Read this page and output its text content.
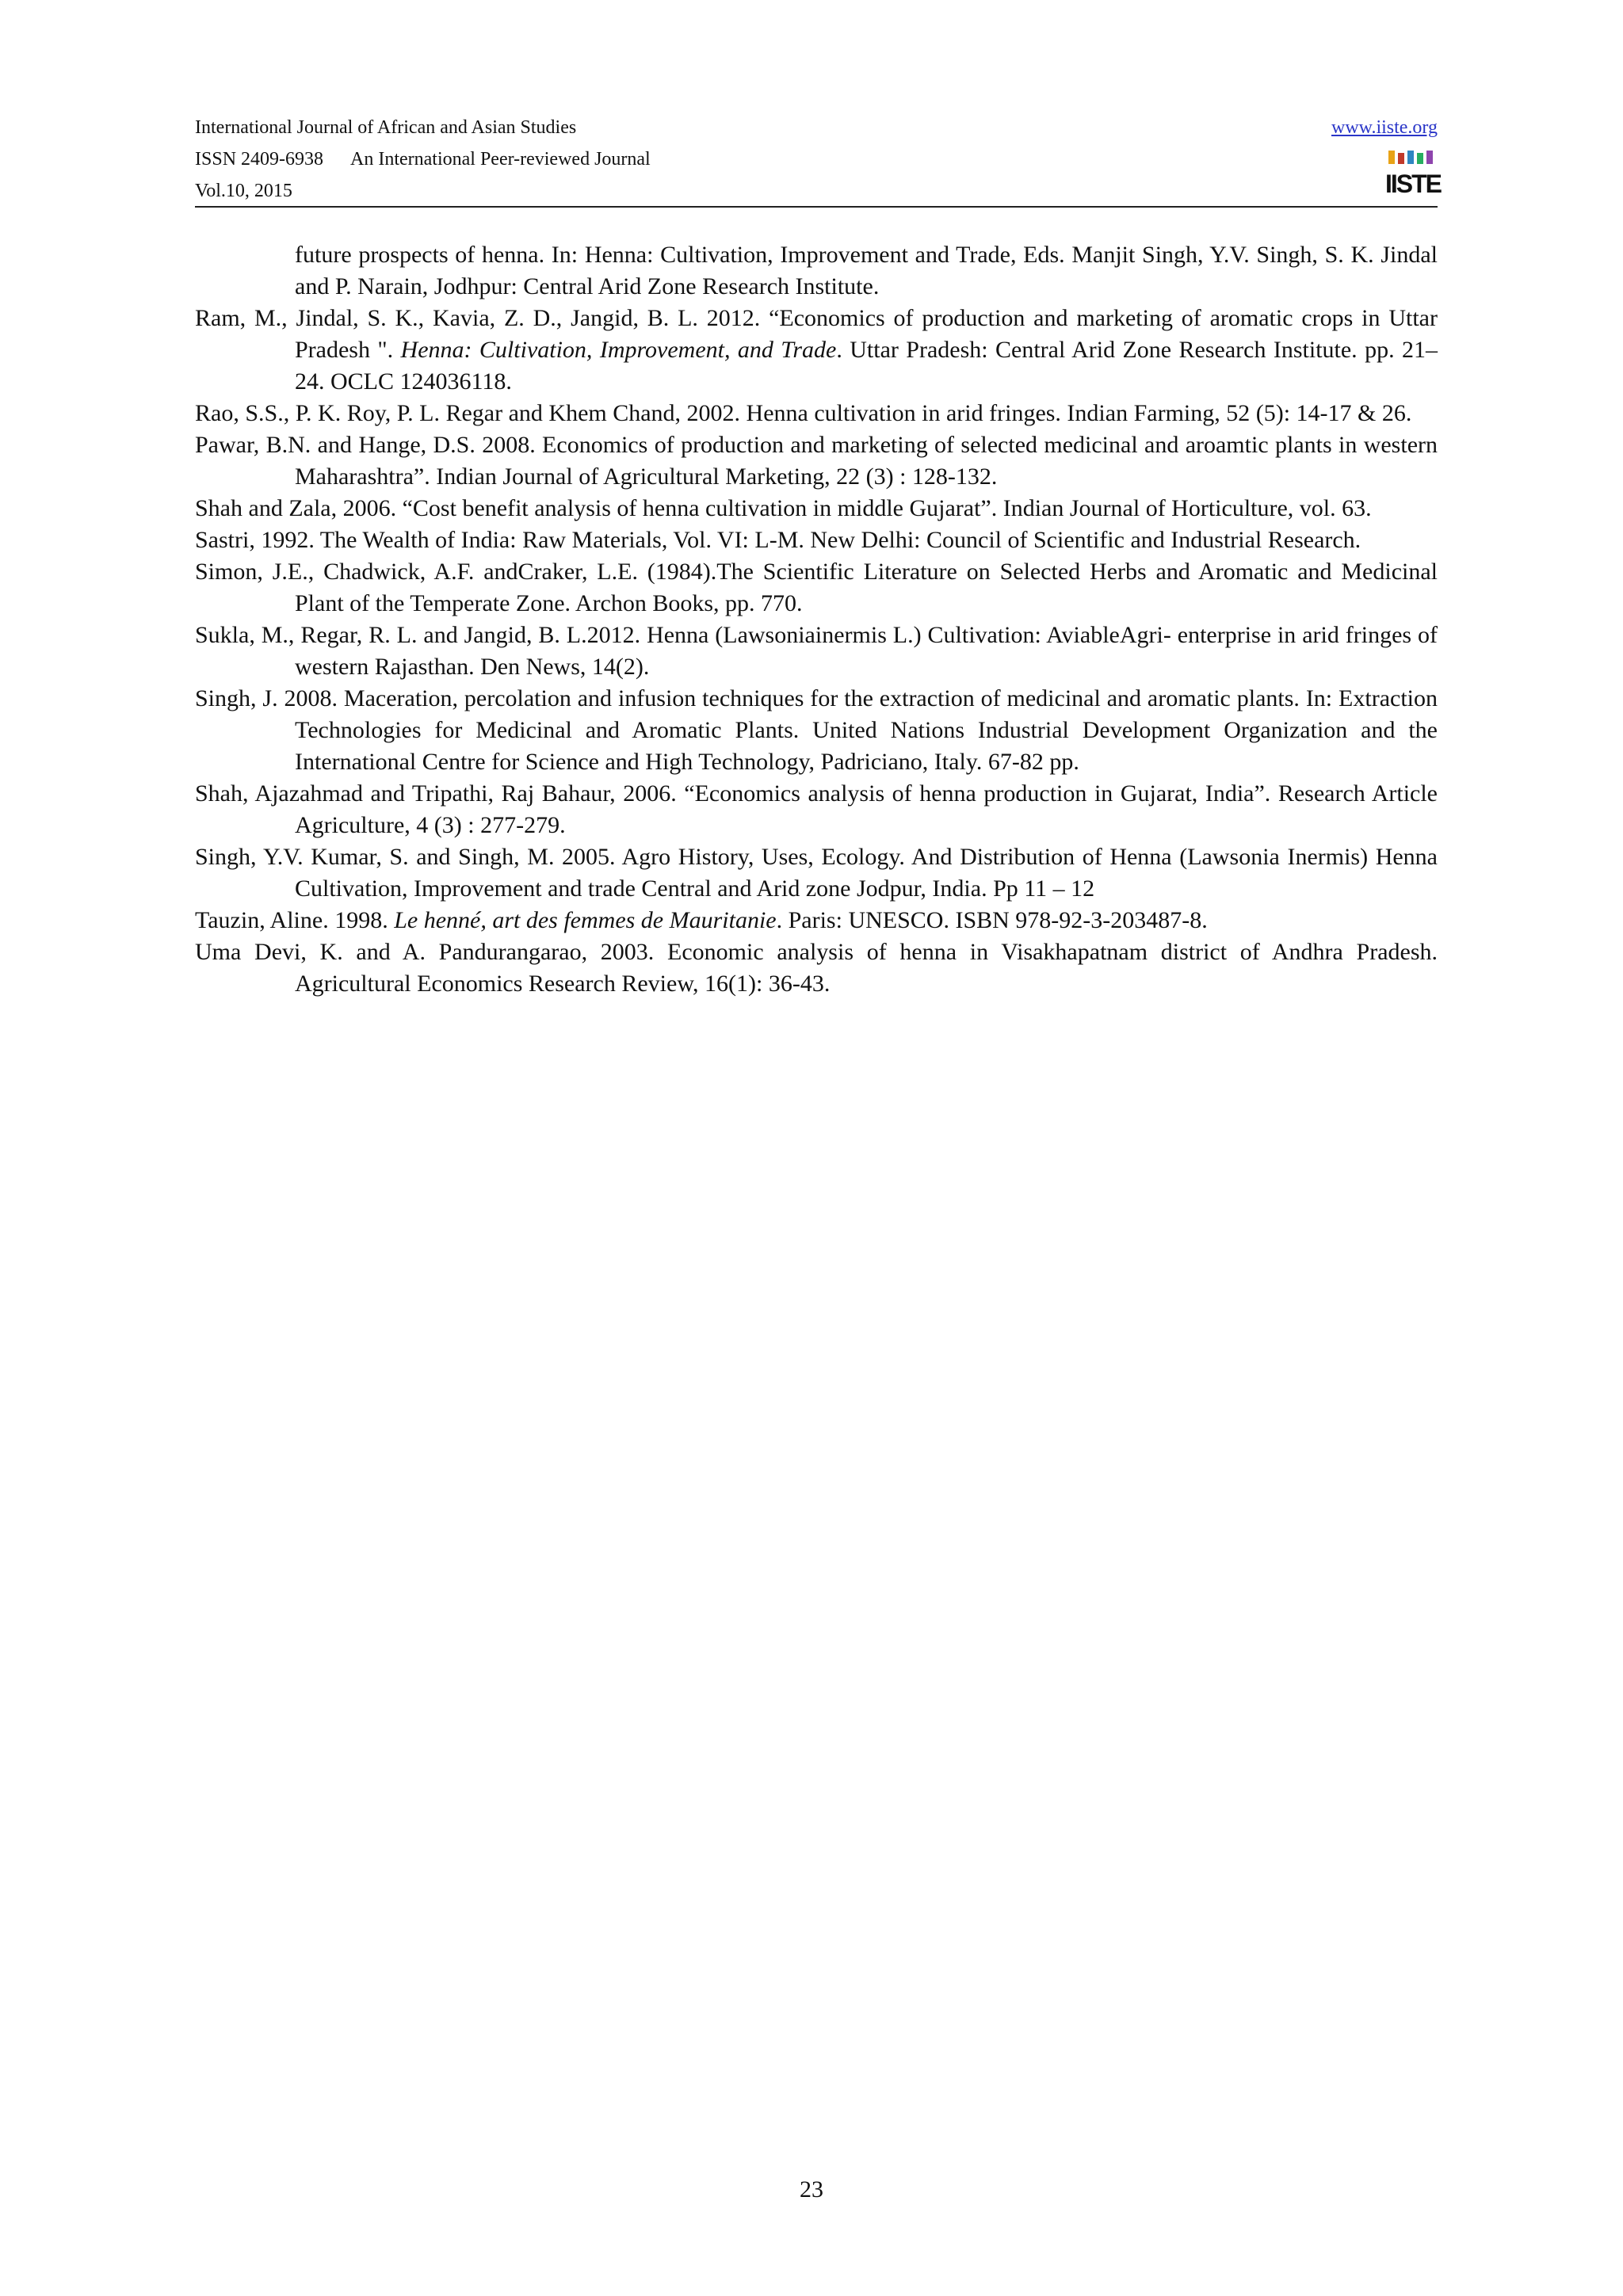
International Journal of African and Asian Studies
ISSN 2409-6938 An International Peer-reviewed Journal
Vol.10, 2015
www.iiste.org
IISTE
future prospects of henna. In: Henna: Cultivation, Improvement and Trade, Eds. Manjit Singh, Y.V. Singh, S. K. Jindal and P. Narain, Jodhpur: Central Arid Zone Research Institute.
Ram, M., Jindal, S. K., Kavia, Z. D., Jangid, B. L. 2012. “Economics of production and marketing of aromatic crops in Uttar Pradesh ". Henna: Cultivation, Improvement, and Trade. Uttar Pradesh: Central Arid Zone Research Institute. pp. 21–24. OCLC 124036118.
Rao, S.S., P. K. Roy, P. L. Regar and Khem Chand, 2002. Henna cultivation in arid fringes. Indian Farming, 52 (5): 14-17 & 26.
Pawar, B.N. and Hange, D.S. 2008. Economics of production and marketing of selected medicinal and aroamtic plants in western Maharashtra”. Indian Journal of Agricultural Marketing, 22 (3) : 128-132.
Shah and Zala, 2006. “Cost benefit analysis of henna cultivation in middle Gujarat”. Indian Journal of Horticulture, vol. 63.
Sastri, 1992. The Wealth of India: Raw Materials, Vol. VI: L-M. New Delhi: Council of Scientific and Industrial Research.
Simon, J.E., Chadwick, A.F. andCraker, L.E. (1984).The Scientific Literature on Selected Herbs and Aromatic and Medicinal Plant of the Temperate Zone. Archon Books, pp. 770.
Sukla, M., Regar, R. L. and Jangid, B. L.2012. Henna (Lawsoniainermis L.) Cultivation: AviableAgri- enterprise in arid fringes of western Rajasthan. Den News, 14(2).
Singh, J. 2008. Maceration, percolation and infusion techniques for the extraction of medicinal and aromatic plants. In: Extraction Technologies for Medicinal and Aromatic Plants. United Nations Industrial Development Organization and the International Centre for Science and High Technology, Padriciano, Italy. 67-82 pp.
Shah, Ajazahmad and Tripathi, Raj Bahaur, 2006. “Economics analysis of henna production in Gujarat, India”. Research Article Agriculture, 4 (3) : 277-279.
Singh, Y.V. Kumar, S. and Singh, M. 2005. Agro History, Uses, Ecology. And Distribution of Henna (Lawsonia Inermis) Henna Cultivation, Improvement and trade Central and Arid zone Jodpur, India. Pp 11 – 12
Tauzin, Aline. 1998. Le henné, art des femmes de Mauritanie. Paris: UNESCO. ISBN 978-92-3-203487-8.
Uma Devi, K. and A. Pandurangarao, 2003. Economic analysis of henna in Visakhapatnam district of Andhra Pradesh. Agricultural Economics Research Review, 16(1): 36-43.
23
